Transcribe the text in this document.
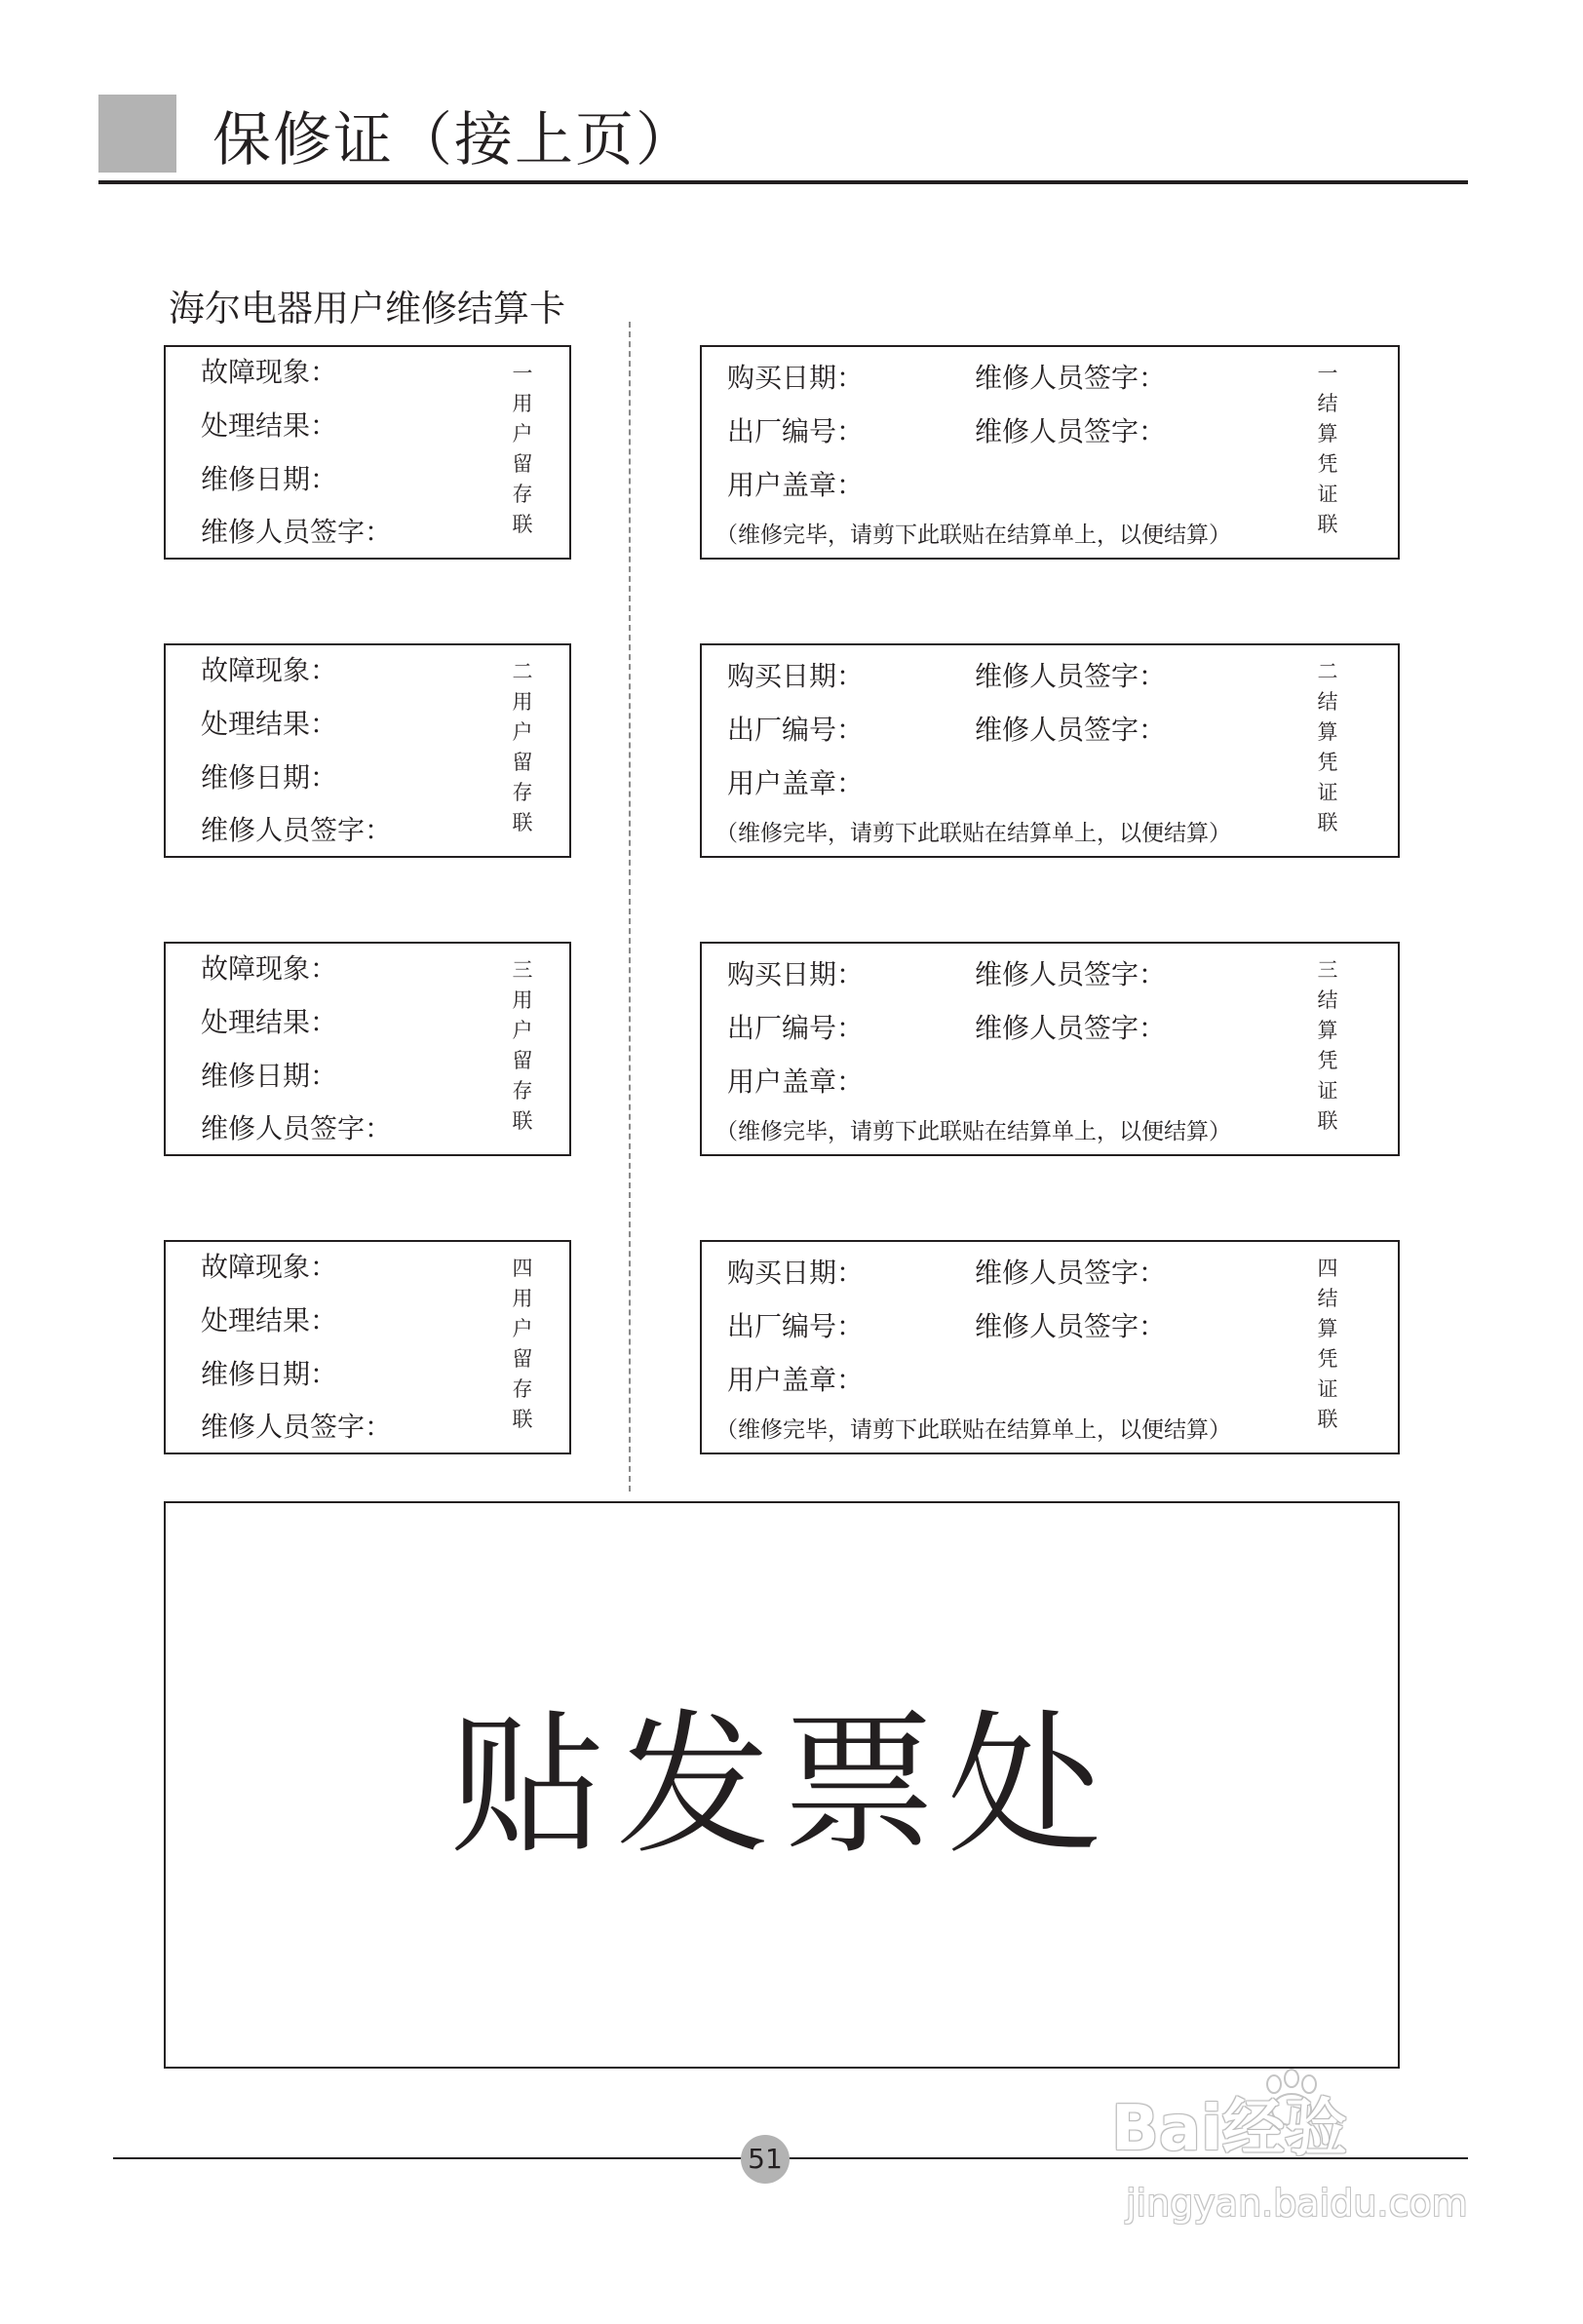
保修证（接上页）
海尔电器用户维修结算卡
故障现象：
处理结果：
维修日期：
维修人员签字：
一用户留存联
故障现象：
处理结果：
维修日期：
维修人员签字：
二用户留存联
故障现象：
处理结果：
维修日期：
维修人员签字：
三用户留存联
故障现象：
处理结果：
维修日期：
维修人员签字：
四用户留存联
购买日期：	维修人员签字：
出厂编号：	维修人员签字：
用户盖章：
（维修完毕，请剪下此联贴在结算单上，以便结算）
一结算凭证联
购买日期：	维修人员签字：
出厂编号：	维修人员签字：
用户盖章：
（维修完毕，请剪下此联贴在结算单上，以便结算）
二结算凭证联
购买日期：	维修人员签字：
出厂编号：	维修人员签字：
用户盖章：
（维修完毕，请剪下此联贴在结算单上，以便结算）
三结算凭证联
购买日期：	维修人员签字：
出厂编号：	维修人员签字：
用户盖章：
（维修完毕，请剪下此联贴在结算单上，以便结算）
四结算凭证联
贴发票处
51	Bai经验
jingyan.baidu.com
